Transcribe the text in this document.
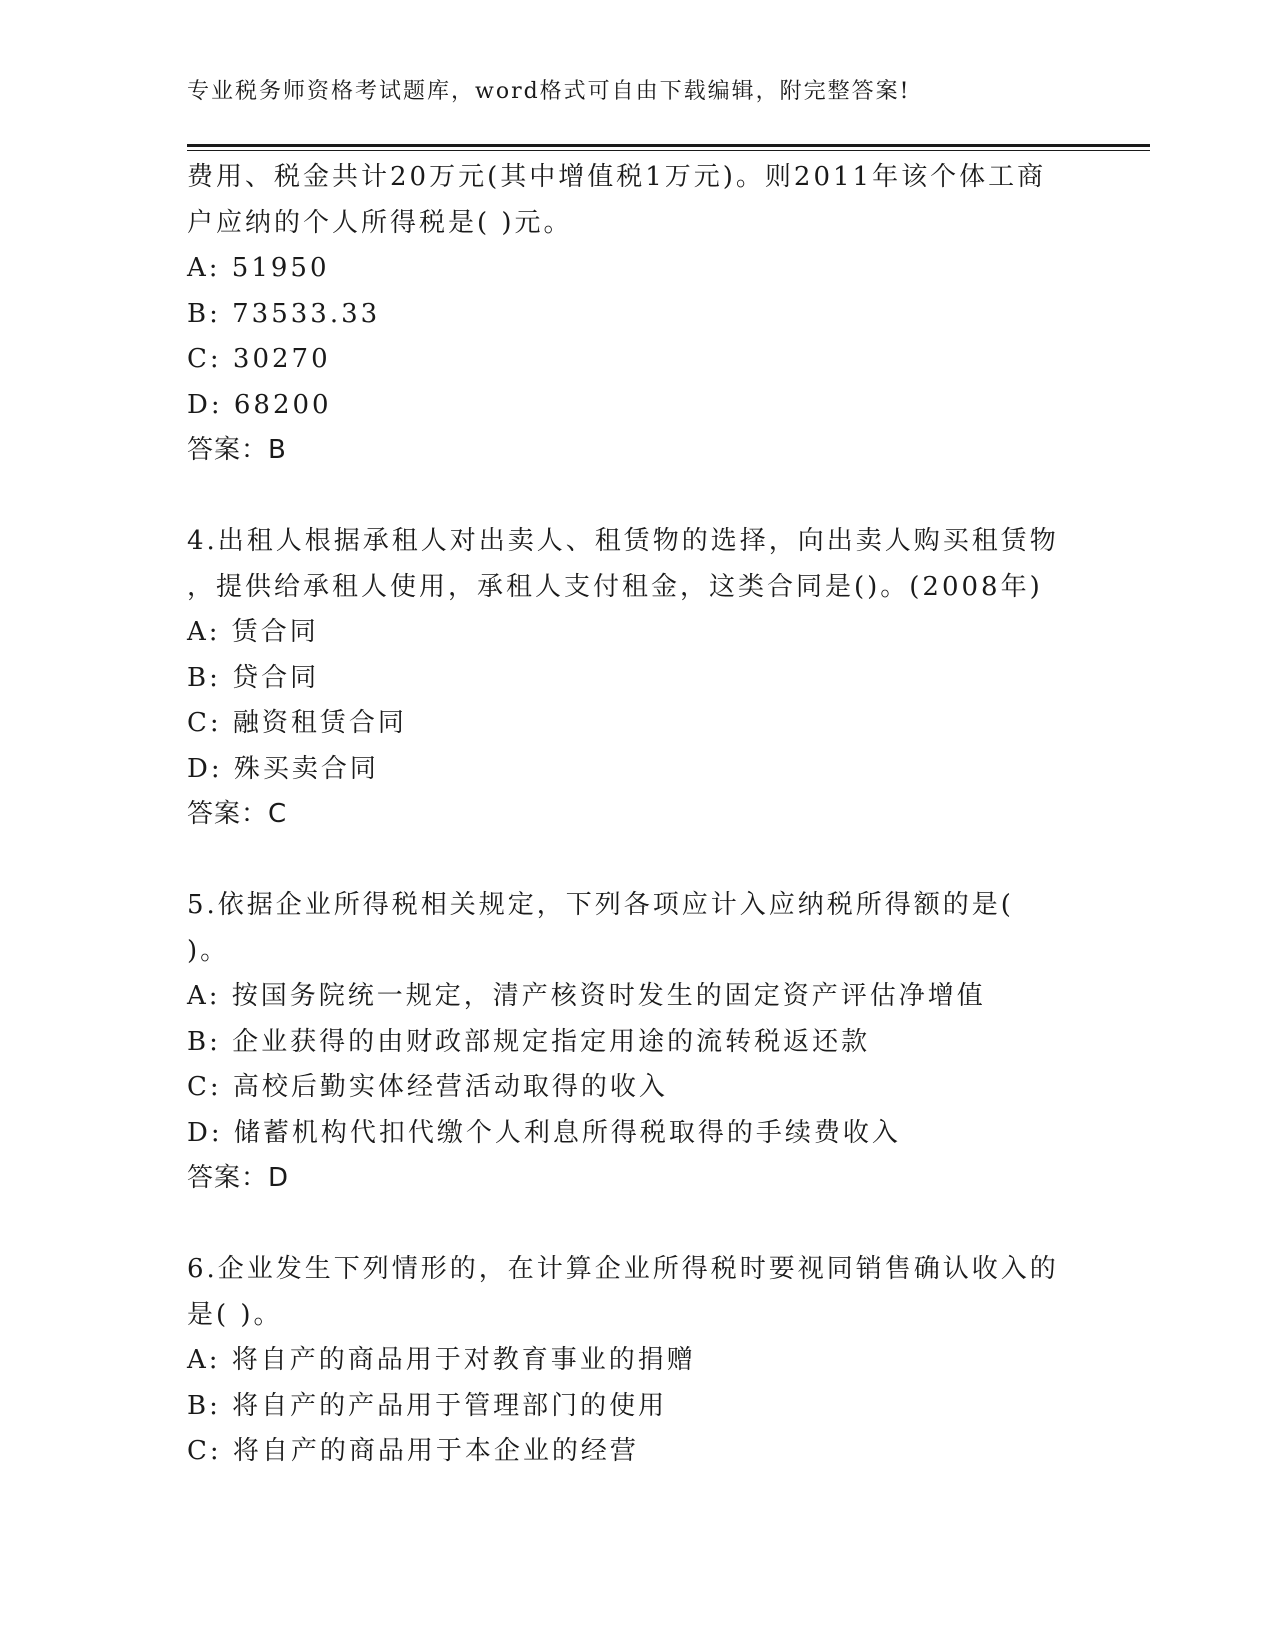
专业税务师资格考试题库，word格式可自由下载编辑，附完整答案!
费用、税金共计20万元(其中增值税1万元)。则2011年该个体工商
户应纳的个人所得税是( )元。
A: 51950
B: 73533.33
C: 30270
D: 68200
答案：B
4.出租人根据承租人对出卖人、租赁物的选择，向出卖人购买租赁物
，提供给承租人使用，承租人支付租金，这类合同是()。(2008年)
A: 赁合同
B: 贷合同
C: 融资租赁合同
D: 殊买卖合同
答案：C
5.依据企业所得税相关规定，下列各项应计入应纳税所得额的是(
)。
A: 按国务院统一规定，清产核资时发生的固定资产评估净增值
B: 企业获得的由财政部规定指定用途的流转税返还款
C: 高校后勤实体经营活动取得的收入
D: 储蓄机构代扣代缴个人利息所得税取得的手续费收入
答案：D
6.企业发生下列情形的，在计算企业所得税时要视同销售确认收入的
是( )。
A: 将自产的商品用于对教育事业的捐赠
B: 将自产的产品用于管理部门的使用
C: 将自产的商品用于本企业的经营
